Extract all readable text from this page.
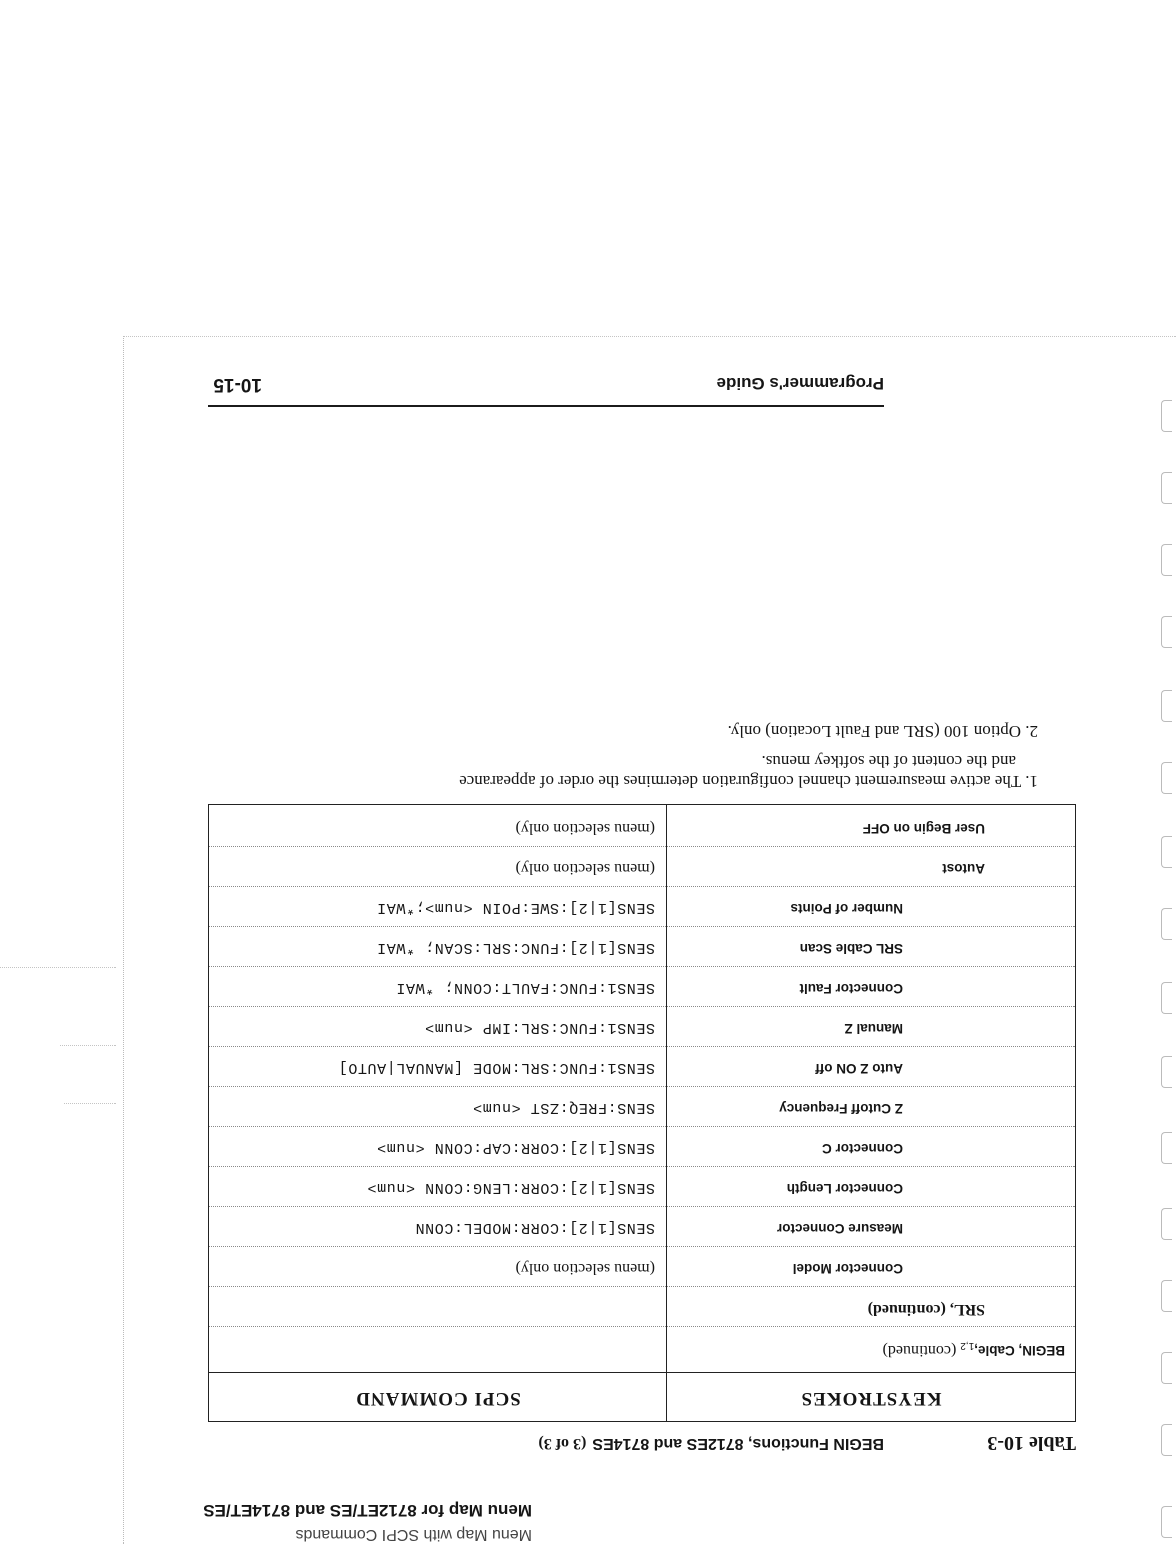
Menu Map with SCPI Commands
Menu Map for 8712ET/ES and 8714ET/ES
Table 10-3
BEGIN Functions, 8712ES and 8714ES(3 of 3)
KEYSTROKES
SCPI COMMAND
BEGIN, $Cable,_{1,2}$ (continued)
SRL, (continued)
Connector Model
(menu selection only)
Measure Connector
SENS[1|2]:CORR:MODEL:CONN
Connector Length
SENS[1|2]:CORR:LENG:CONN <num>
Connector C
SENS[1|2]:CORR:CAP:CONN <num>
Z Cutoff Frequency
SENS:FREQ:ZST <num>
Auto Z ON off
SENS1:FUNC:SRL:MODE [MANUAL|AUTO]
Manual Z
SENS1:FUNC:SRL:IMP <num>
Connector Fault
SENS1:FUNC:FAULT:CONN; *WAI
SRL Cable Scan
SENS[1|2]:FUNC:SRL:SCAN; *WAI
Number of Points
SENS[1|2]:SWE:POIN <num>;*WAI
Autost
(menu selection only)
User Begin on OFF
(menu selection only)
1. The active measurement channel configuration determines the order of appearance
and the content of the softkey menus.
2. Option 100 (SRL and Fault Location) only.
Programmer's Guide
10-15
